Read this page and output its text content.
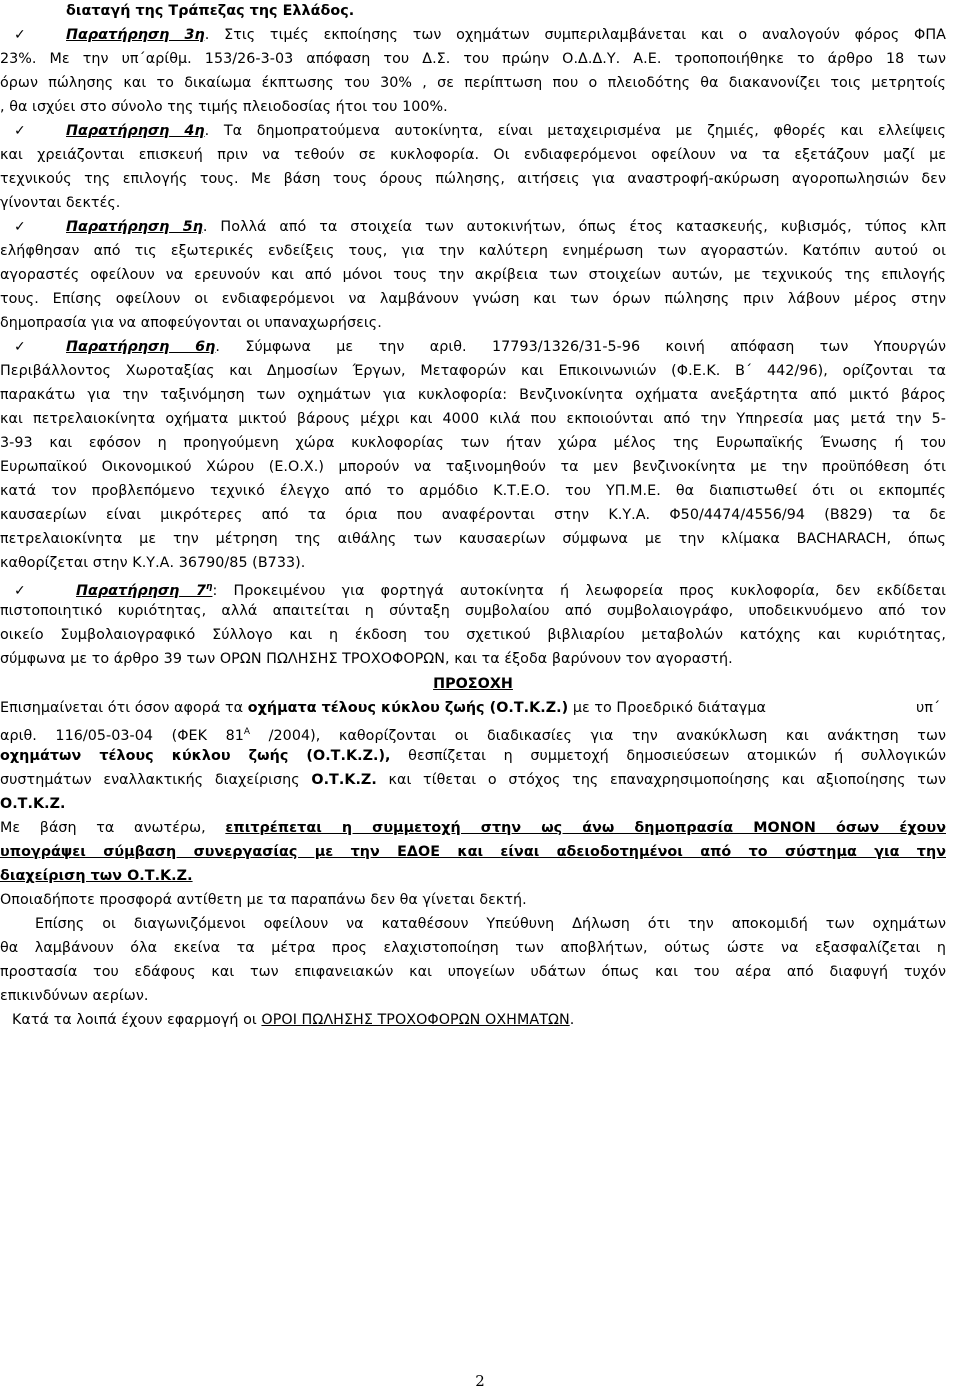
διαταγή της Τράπεζας της Ελλάδος.
✓	Παρατήρηση 3η. Στις τιμές εκποίησης των οχημάτων συμπεριλαμβάνεται και ο αναλογούν φόρος ΦΠΑ
23%. Με την υπ΄αρίθμ. 153/26-3-03 απόφαση του Δ.Σ. του πρώην Ο.Δ.Δ.Υ. Α.Ε. τροποποιήθηκε το άρθρο 18 των
όρων πώλησης και το δικαίωμα έκπτωσης του 30% , σε περίπτωση που ο πλειοδότης θα διακανονίζει τοις μετρητοίς
, θα ισχύει στο σύνολο της τιμής πλειοδοσίας ήτοι του 100%.
✓	Παρατήρηση 4η. Τα δημοπρατούμενα αυτοκίνητα, είναι μεταχειρισμένα με ζημιές, φθορές και ελλείψεις
και χρειάζονται επισκευή πριν να τεθούν σε κυκλοφορία. Οι ενδιαφερόμενοι οφείλουν να τα εξετάζουν μαζί με
τεχνικούς της επιλογής τους. Με βάση τους όρους πώλησης, αιτήσεις για αναστροφή-ακύρωση αγοροπωλησιών δεν
γίνονται δεκτές.
✓	Παρατήρηση 5η. Πολλά από τα στοιχεία των αυτοκινήτων, όπως έτος κατασκευής, κυβισμός, τύπος κλπ
ελήφθησαν από τις εξωτερικές ενδείξεις τους, για την καλύτερη ενημέρωση των αγοραστών. Κατόπιν αυτού οι
αγοραστές οφείλουν να ερευνούν και από μόνοι τους την ακρίβεια των στοιχείων αυτών, με τεχνικούς της επιλογής
τους. Επίσης οφείλουν οι ενδιαφερόμενοι να λαμβάνουν γνώση και των όρων πώλησης πριν λάβουν μέρος στην
δημοπρασία για να αποφεύγονται οι υπαναχωρήσεις.
✓	Παρατήρηση 6η. Σύμφωνα με την αριθ. 17793/1326/31-5-96 κοινή απόφαση των Υπουργών
Περιβάλλοντος Χωροταξίας και Δημοσίων Έργων, Μεταφορών και Επικοινωνιών (Φ.Ε.Κ. Β΄ 442/96), ορίζονται τα
παρακάτω για την ταξινόμηση των οχημάτων για κυκλοφορία: Βενζινοκίνητα οχήματα ανεξάρτητα από μικτό βάρος
και πετρελαιοκίνητα οχήματα μικτού βάρους μέχρι και 4000 κιλά που εκποιούνται από την Υπηρεσία μας μετά την 5-
3-93 και εφόσον η προηγούμενη χώρα κυκλοφορίας των ήταν χώρα μέλος της Ευρωπαϊκής Ένωσης ή του
Ευρωπαϊκού Οικονομικού Χώρου (Ε.Ο.Χ.) μπορούν να ταξινομηθούν τα μεν βενζινοκίνητα με την προϋπόθεση ότι
κατά τον προβλεπόμενο τεχνικό έλεγχο από το αρμόδιο Κ.Τ.Ε.Ο. του ΥΠ.Μ.Ε. θα διαπιστωθεί ότι οι εκπομπές
καυσαερίων είναι μικρότερες από τα όρια που αναφέρονται στην Κ.Υ.Α. Φ50/4474/4556/94 (Β829) τα δε
πετρελαιοκίνητα με την μέτρηση της αιθάλης των καυσαερίων σύμφωνα με την κλίμακα BACHARACH, όπως
καθορίζεται στην Κ.Υ.Α. 36790/85 (Β733).
✓	Παρατήρηση $7^\eta$: Προκειμένου για φορτηγά αυτοκίνητα ή λεωφορεία προς κυκλοφορία, δεν εκδίδεται
πιστοποιητικό κυριότητας, αλλά απαιτείται η σύνταξη συμβολαίου από συμβολαιογράφο, υποδεικνυόμενο από τον
οικείο Συμβολαιογραφικό Σύλλογο και η έκδοση του σχετικού βιβλιαρίου μεταβολών κατόχης και κυριότητας,
σύμφωνα με το άρθρο 39 των ΟΡΩΝ ΠΩΛΗΣΗΣ ΤΡΟΧΟΦΟΡΩΝ, και τα έξοδα βαρύνουν τον αγοραστή.
ΠΡΟΣΟΧΗ
Επισημαίνεται ότι όσον αφορά τα οχήματα τέλους κύκλου ζωής (Ο.Τ.Κ.Ζ.) με το Προεδρικό διάταγμα	υπ΄
αριθ. 116/05-03-04 (ΦΕΚ $81^A$ /2004), καθορίζονται οι διαδικασίες για την ανακύκλωση και ανάκτηση των
οχημάτων τέλους κύκλου ζωής (Ο.Τ.Κ.Ζ.), θεσπίζεται η συμμετοχή δημοσιεύσεων ατομικών ή συλλογικών
συστημάτων εναλλακτικής διαχείρισης Ο.Τ.Κ.Ζ. και τίθεται ο στόχος της επαναχρησιμοποίησης και αξιοποίησης των
Ο.Τ.Κ.Ζ.
Με βάση τα ανωτέρω, επιτρέπεται η συμμετοχή στην ως άνω δημοπρασία ΜΟΝΟΝ όσων έχουν
υπογράψει σύμβαση συνεργασίας με την ΕΔΟΕ και είναι αδειοδοτημένοι από το σύστημα για την
διαχείριση των Ο.Τ.Κ.Ζ.
Οποιαδήποτε προσφορά αντίθετη με τα παραπάνω δεν θα γίνεται δεκτή.
Επίσης οι διαγωνιζόμενοι οφείλουν να καταθέσουν Υπεύθυνη Δήλωση ότι την αποκομιδή των οχημάτων
θα λαμβάνουν όλα εκείνα τα μέτρα προς ελαχιστοποίηση των αποβλήτων, ούτως ώστε να εξασφαλίζεται η
προστασία του εδάφους και των επιφανειακών και υπογείων υδάτων όπως και του αέρα από διαφυγή τυχόν
επικινδύνων αερίων.
Κατά τα λοιπά έχουν εφαρμογή οι ΟΡΟΙ ΠΩΛΗΣΗΣ ΤΡΟΧΟΦΟΡΩΝ ΟΧΗΜΑΤΩΝ.
2
